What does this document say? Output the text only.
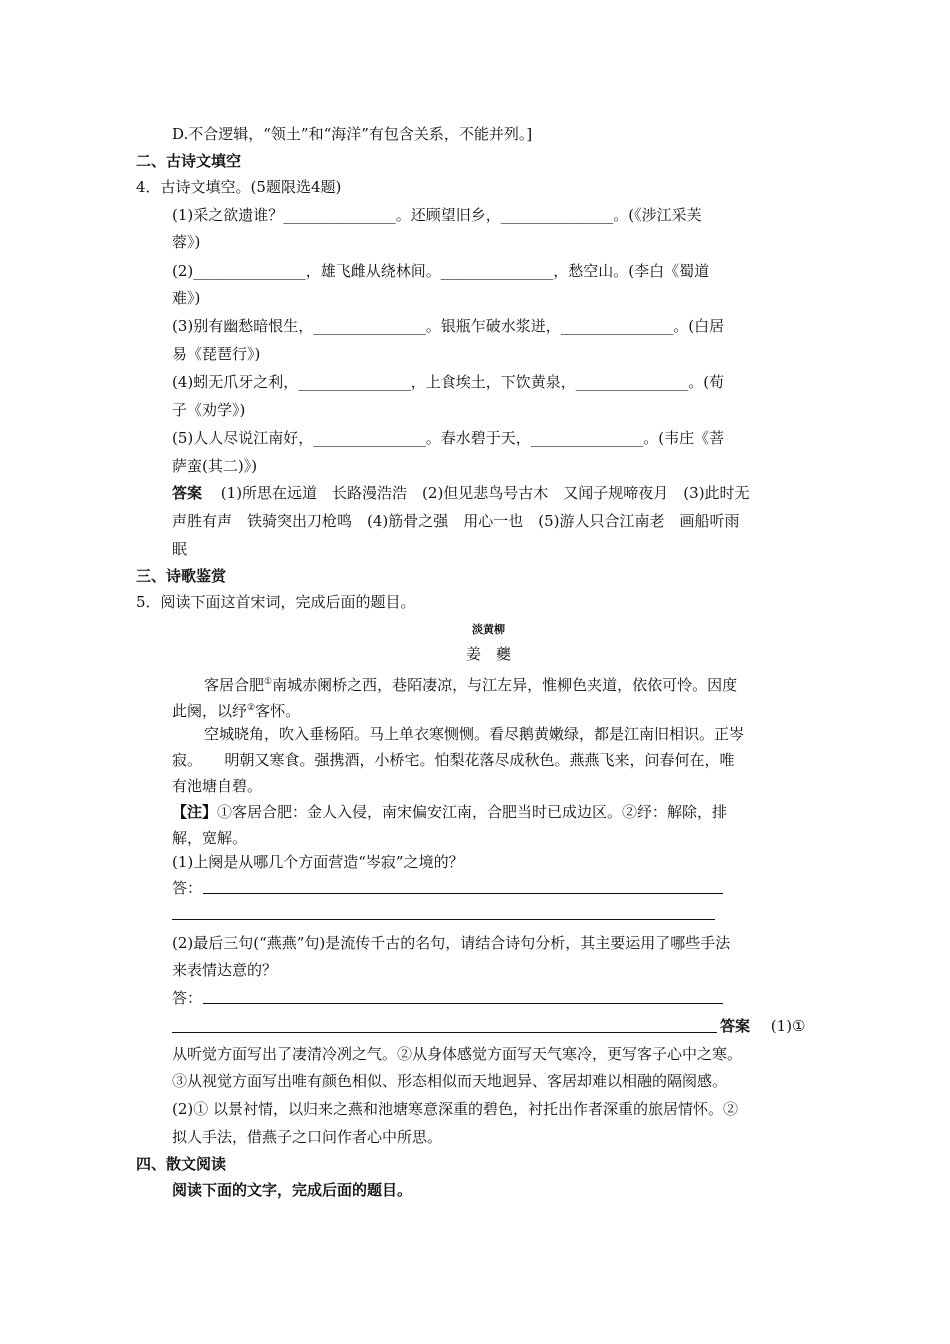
D.不合逻辑，“领土”和“海洋”有包含关系，不能并列。]
二、古诗文填空
4．古诗文填空。(5题限选4题)
(1)采之欲遗谁？_______________。还顾望旧乡，_______________。(《涉江采芙
蓉》)
(2)_______________，雄飞雌从绕林间。_______________，愁空山。(李白《蜀道
难》)
(3)别有幽愁暗恨生，_______________。银瓶乍破水浆迸，_______________。(白居
易《琵琶行》)
(4)蚓无爪牙之利，_______________，上食埃土，下饮黄泉，_______________。(荀
子《劝学》)
(5)人人尽说江南好，_______________。春水碧于天，_______________。(韦庄《菩
萨蛮(其二)》)
答案 (1)所思在远道　长路漫浩浩　(2)但见悲鸟号古木　又闻子规啼夜月　(3)此时无
声胜有声　铁骑突出刀枪鸣　(4)筋骨之强　用心一也　(5)游人只合江南老　画船听雨
眠
三、诗歌鉴赏
5．阅读下面这首宋词，完成后面的题目。
淡黄柳
姜　夔
客居合肥①南城赤阑桥之西，巷陌凄凉，与江左异，惟柳色夹道，依依可怜。因度
此阕，以纾②客怀。
空城晓角，吹入垂杨陌。马上单衣寒恻恻。看尽鹅黄嫩绿，都是江南旧相识。正岑
寂。　　明朝又寒食。强携酒，小桥宅。怕梨花落尽成秋色。燕燕飞来，问春何在，唯
有池塘自碧。
【注】①客居合肥：金人入侵，南宋偏安江南，合肥当时已成边区。②纾：解除，排
解，宽解。
(1)上阕是从哪几个方面营造“岑寂”之境的？
答：
(2)最后三句(“燕燕”句)是流传千古的名句，请结合诗句分析，其主要运用了哪些手法
来表情达意的？
答：
答案 (1)①
从听觉方面写出了凄清冷冽之气。②从身体感觉方面写天气寒冷，更写客子心中之寒。
③从视觉方面写出唯有颜色相似、形态相似而天地迥异、客居却难以相融的隔阂感。
(2)① 以景衬情，以归来之燕和池塘寒意深重的碧色，衬托出作者深重的旅居情怀。②
拟人手法，借燕子之口问作者心中所思。
四、散文阅读
阅读下面的文字，完成后面的题目。
